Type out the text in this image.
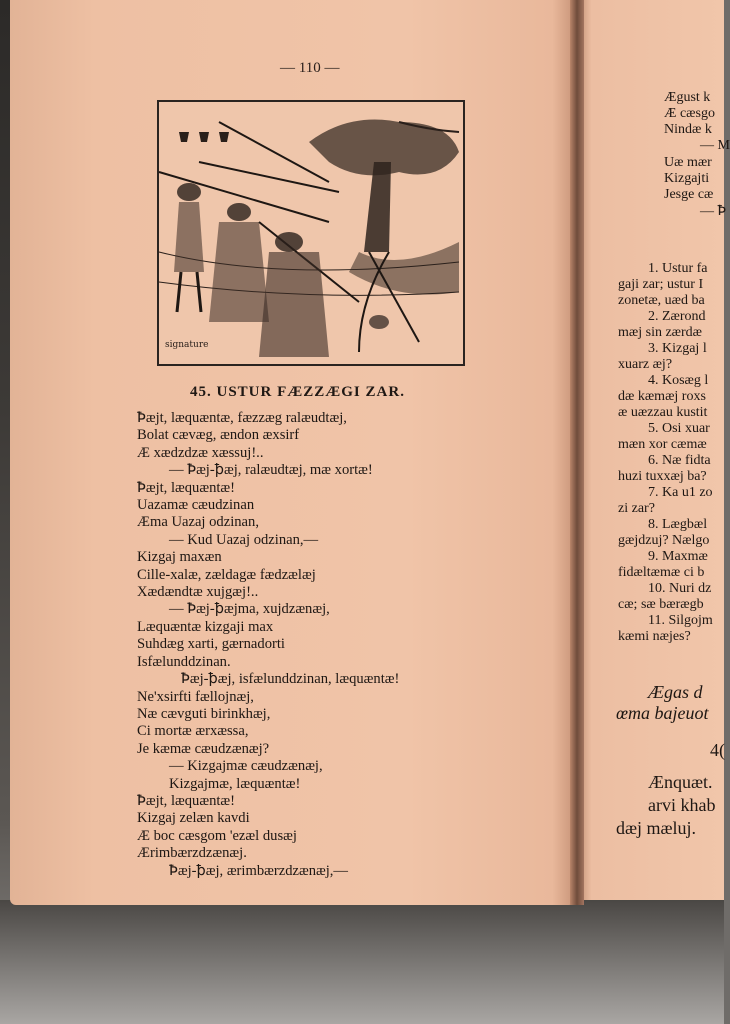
— 110 —
signature
45. USTUR FÆZZÆGI ZAR.
Ꝥæjt, læquæntæ, fæzzæg ralæudtæj,
Bolat cævæg, ændon æxsirf
Æ xædzdzæ xæssuj!..
— Ꝥæj-ꝥæj, ralæudtæj, mæ xortæ!
Ꝥæjt, læquæntæ!
Uazamæ cæudzinan
Æma Uazaj odzinan,
— Kud Uazaj odzinan,—
Kizgaj maxæn
Cille-xalæ, zældagæ fædzælæj
Xædændtæ xujgæj!..
— Ꝥæj-ꝥæjma, xujdzænæj,
Læquæntæ kizgaji max
Suhdæg xarti, gærnadorti
Isfælunddzinan.
Ꝥæj-ꝥæj, isfælunddzinan, læquæntæ!
Ne'xsirfti fællojnæj,
Næ cævguti birinkhæj,
Ci mortæ ærxæssa,
Je kæmæ cæudzænæj?
— Kizgajmæ cæudzænæj,
Kizgajmæ, læquæntæ!
Ꝥæjt, læquæntæ!
Kizgaj zelæn kavdi
Æ boc cæsgom 'ezæl dusæj
Ærimbærzdzænæj.
Ꝥæj-ꝥæj, ærimbærzdzænæj,—
Ægust k
Æ cæsgo
Nindæ k
— M
Uæ mær
Kizgajti
Jesge cæ
— Ꝥ
1. Ustur fa
gaji zar; ustur I
zonetæ, uæd ba
2. Zærond
mæj sin zærdæ
3. Kizgaj l
xuarz æj?
4. Kosæg l
dæ kæmæj roxs
æ uæzzau kustit
5. Osi xuar
mæn xor cæmæ
6. Næ fidta
huzi tuxxæj ba?
7. Ka u1 zo
zi zar?
8. Lægbæl
gæjdzuj? Nælgo
9. Maxmæ
fidæltæmæ ci b
10. Nuri dz
cæ; sæ bærægb
11. Silgojm
kæmi næjes?
Ægas d
œma bajeuot
4(
Ænquæt.
arvi khab
dæj mæluj.
